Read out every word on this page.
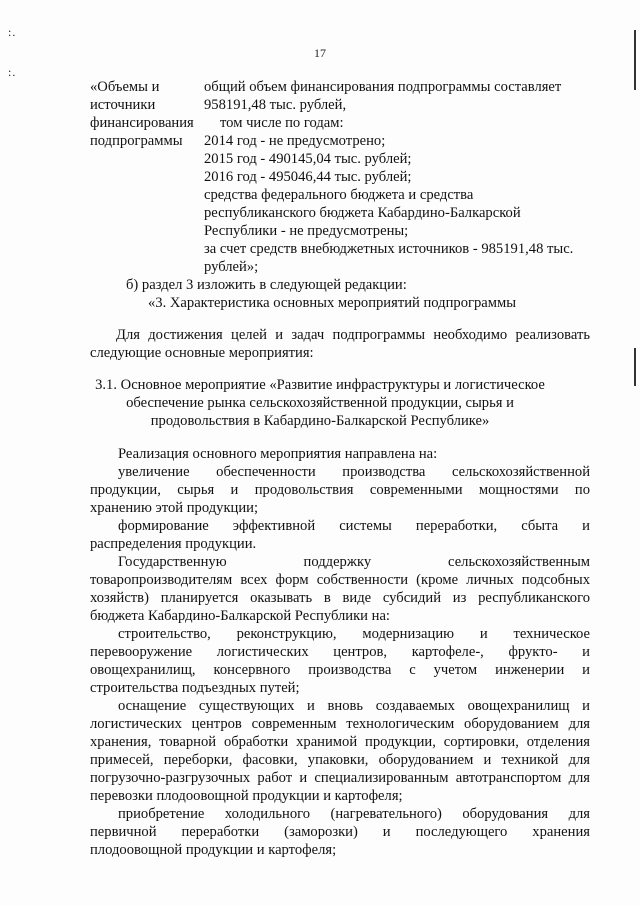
:.
:.
17
«Объемы и
источники
финансирования
подпрограммы
общий объем финансирования подпрограммы составляет
958191,48 тыс. рублей,
том числе по годам:
2014 год - не предусмотрено;
2015 год - 490145,04 тыс. рублей;
2016 год - 495046,44 тыс. рублей;
средства федерального бюджета и средства
республиканского бюджета Кабардино-Балкарской
Республики - не предусмотрены;
за счет средств внебюджетных источников - 985191,48 тыс.
рублей»;
б) раздел 3 изложить в следующей редакции:
«3. Характеристика основных мероприятий подпрограммы
Для достижения целей и задач подпрограммы необходимо реализовать
следующие основные мероприятия:
3.1. Основное мероприятие «Развитие инфраструктуры и логистическое
обеспечение рынка сельскохозяйственной продукции, сырья и
продовольствия в Кабардино-Балкарской Республике»
Реализация основного мероприятия направлена на:
увеличение обеспеченности производства сельскохозяйственной
продукции, сырья и продовольствия современными мощностями по
хранению этой продукции;
формирование эффективной системы переработки, сбыта и
распределения продукции.
Государственную поддержку сельскохозяйственным
товаропроизводителям всех форм собственности (кроме личных подсобных
хозяйств) планируется оказывать в виде субсидий из республиканского
бюджета Кабардино-Балкарской Республики на:
строительство, реконструкцию, модернизацию и техническое
перевооружение логистических центров, картофеле-, фрукто- и
овощехранилищ, консервного производства с учетом инженерии и
строительства подъездных путей;
оснащение существующих и вновь создаваемых овощехранилищ и
логистических центров современным технологическим оборудованием для
хранения, товарной обработки хранимой продукции, сортировки, отделения
примесей, переборки, фасовки, упаковки, оборудованием и техникой для
погрузочно-разгрузочных работ и специализированным автотранспортом для
перевозки плодоовощной продукции и картофеля;
приобретение холодильного (нагревательного) оборудования для
первичной переработки (заморозки) и последующего хранения
плодоовощной продукции и картофеля;
